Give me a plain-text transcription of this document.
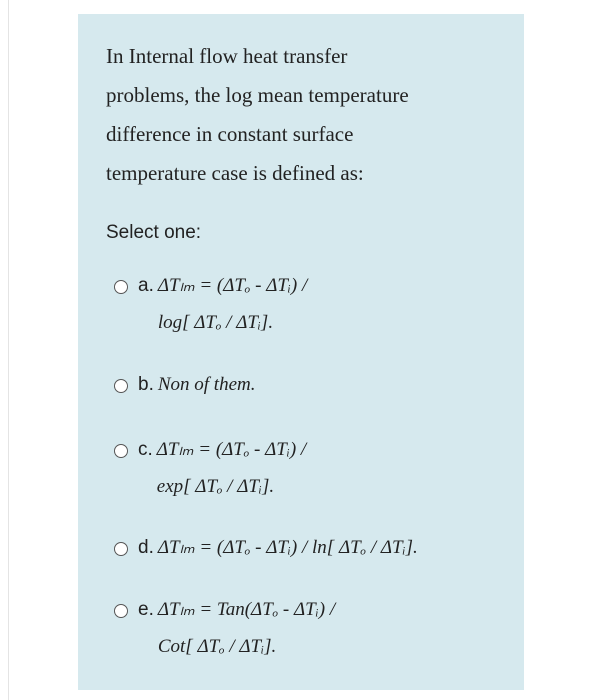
In Internal flow heat transfer
problems, the log mean temperature
difference in constant surface
temperature case is defined as:
Select one:
a. ΔTₗₘ = (ΔTₒ - ΔTᵢ) /
log[ ΔTₒ / ΔTᵢ].
b. Non of them.
c. ΔTₗₘ = (ΔTₒ - ΔTᵢ) /
exp[ ΔTₒ / ΔTᵢ].
d. ΔTₗₘ = (ΔTₒ - ΔTᵢ) / ln[ ΔTₒ / ΔTᵢ].
e. ΔTₗₘ = Tan(ΔTₒ - ΔTᵢ) /
Cot[ ΔTₒ / ΔTᵢ].
